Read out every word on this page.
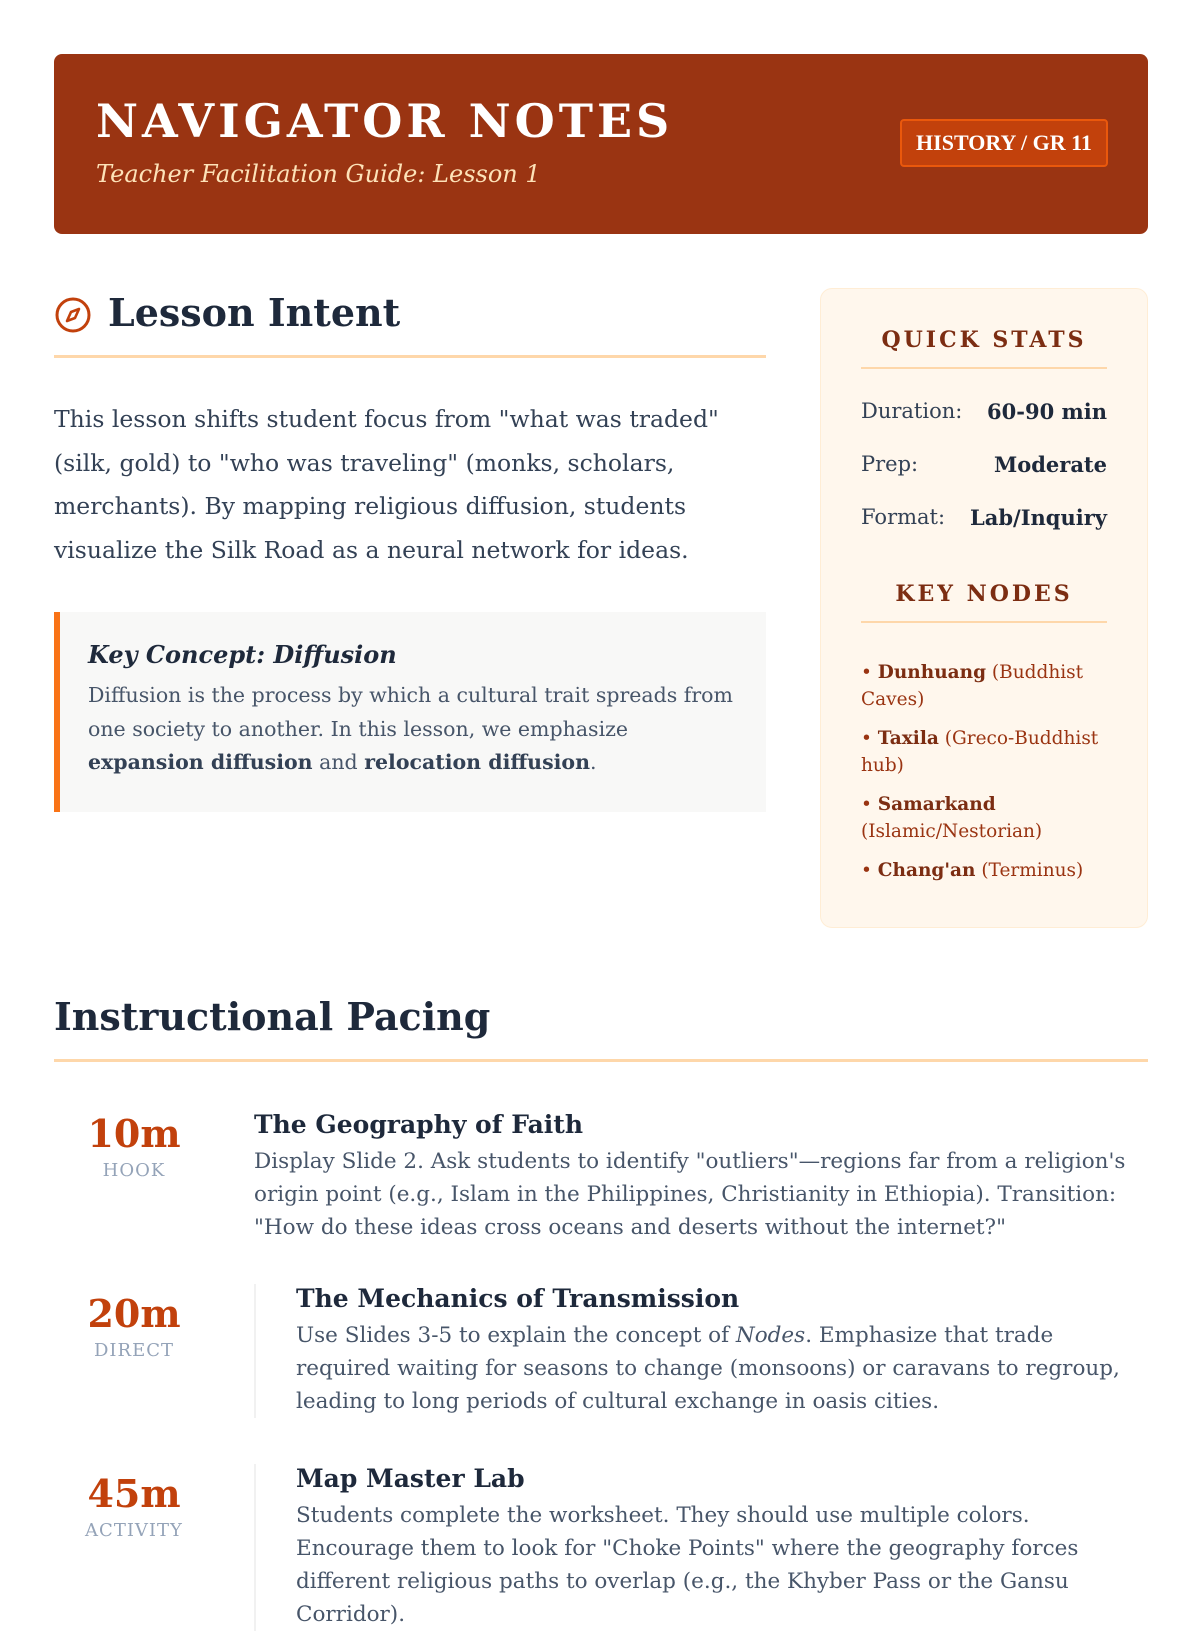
NAVIGATOR NOTES
Teacher Facilitation Guide: Lesson 1
HISTORY / GR 11
Lesson Intent

This lesson shifts student focus from "what was traded" (silk, gold) to "who was traveling" (monks, scholars, merchants). By mapping religious diffusion, students visualize the Silk Road as a neural network for ideas.

Key Concept: Diffusion

Diffusion is the process by which a cultural trait spreads from one society to another. In this lesson, we emphasize expansion diffusion and relocation diffusion.

QUICK STATS
Duration: 60-90 min
Prep:	Moderate
Format: Lab/Inquiry
KEY NODES
• Dunhuang (Buddhist Caves)
• Taxila (Greco-Buddhist hub)
• Samarkand (Islamic/Nestorian)
• Chang'an (Terminus)
Instructional Pacing
10m
HOOK

The Geography of Faith

Display Slide 2. Ask students to identify "outliers"—regions far from a religion's origin point (e.g., Islam in the Philippines, Christianity in Ethiopia). Transition: "How do these ideas cross oceans and deserts without the internet?"

20m
DIRECT

The Mechanics of Transmission

Use Slides 3-5 to explain the concept of Nodes. Emphasize that trade required waiting for seasons to change (monsoons) or caravans to regroup, leading to long periods of cultural exchange in oasis cities.

45m
ACTIVITY

Map Master Lab

Students complete the worksheet. They should use multiple colors. Encourage them to look for "Choke Points" where the geography forces different religious paths to overlap (e.g., the Khyber Pass or the Gansu Corridor).
